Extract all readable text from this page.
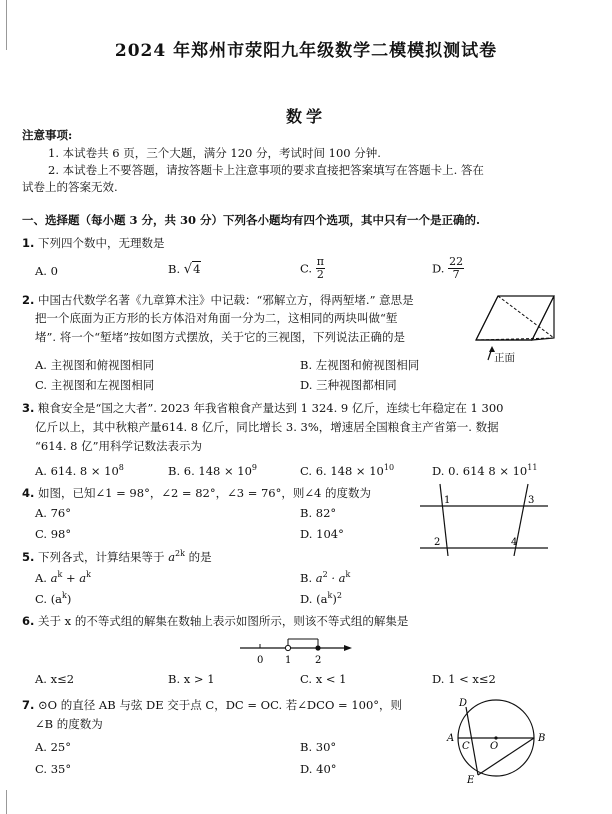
2024 年郑州市荥阳九年级数学二模模拟测试卷
数学
注意事项:
1. 本试卷共 6 页，三个大题，满分 120 分，考试时间 100 分钟.
2. 本试卷上不要答题，请按答题卡上注意事项的要求直接把答案填写在答题卡上. 答在
试卷上的答案无效.
一、选择题（每小题 3 分，共 30 分）下列各小题均有四个选项，其中只有一个是正确的.
1. 下列四个数中，无理数是
A. 0	B. √4	C. $\frac{\pi}{2}$	D. $\frac{22}{7}$
2. 中国古代数学名著《九章算术注》中记载：“邪解立方，得两堑堵.” 意思是
把一个底面为正方形的长方体沿对角面一分为二，这相同的两块叫做“堑
堵”. 将一个“堑堵”按如图方式摆放，关于它的三视图，下列说法正确的是
A. 主视图和俯视图相同	B. 左视图和俯视图相同
C. 主视图和左视图相同	D. 三种视图都相同
正面
3. 粮食安全是“国之大者”. 2023 年我省粮食产量达到 1 324. 9 亿斤，连续七年稳定在 1 300
亿斤以上，其中秋粮产量614. 8 亿斤，同比增长 3. 3%，增速居全国粮食主产省第一. 数据
“614. 8 亿”用科学记数法表示为
A. 614. $8 \times 10^8$	B. 6. $148 \times 10^9$	C. 6. $148 \times 10^{10}$	D. 0. 614 $8 \times 10^{11}$
4. 如图，已知∠1 = 98°，∠2 = 82°，∠3 = 76°，则∠4 的度数为
A. 76°	B. 82°
C. 98°	D. 104°
1
2
3
4
5. 下列各式，计算结果等于 $a^{2k}$ 的是
A. $a^k + a^k$	B. $a^2 \cdot a^k$
C. $(a^k)$	D. $(a^k)^2$
6. 关于 x 的不等式组的解集在数轴上表示如图所示，则该不等式组的解集是
0 1 2
A. x≤2	B. x > 1	C. x < 1	D. 1 < x≤2
7. ⊙O 的直径 AB 与弦 DE 交于点 C，DC = OC. 若∠DCO = 100°，则
∠B 的度数为
A. 25°	B. 30°
C. 35°	D. 40°
D
A
C O
B
E
